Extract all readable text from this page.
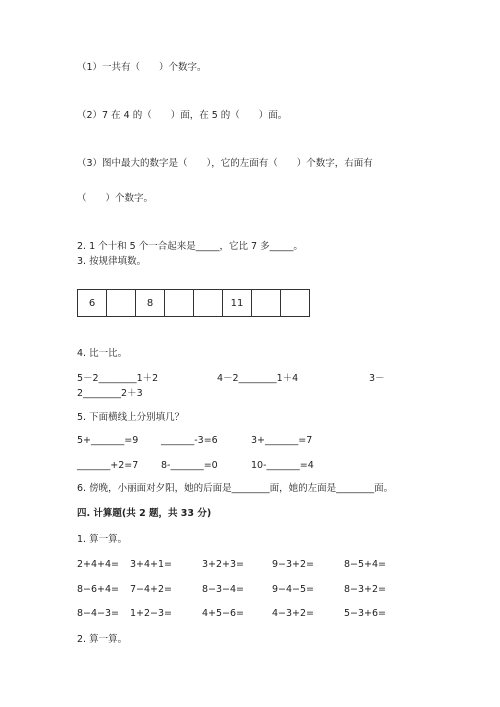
（1）一共有（　　）个数字。
（2）7 在 4 的（　　）面，在 5 的（　　）面。
（3）图中最大的数字是（　　），它的左面有（　　）个数字，右面有
（　　）个数字。
2. 1 个十和 5 个一合起来是_____，它比 7 多_____。
3. 按规律填数。
6		8			11		
4. 比一比。
5－2________1＋2	4－2________1＋4	3－
2________2＋3
5. 下面横线上分别填几？
5+_______=9 _______-3=6	3+_______=7
_______+2=7 8-_______=0	10-_______=4
6. 傍晚，小丽面对夕阳，她的后面是________面，她的左面是________面。
四. 计算题(共 2 题，共 33 分)
1. 算一算。
2+4+4= 3+4+1=	3+2+3=	9−3+2=	8−5+4=
8−6+4= 7−4+2=	8−3−4=	9−4−5=	8−3+2=
8−4−3= 1+2−3=	4+5−6=	4−3+2=	5−3+6=
2. 算一算。
